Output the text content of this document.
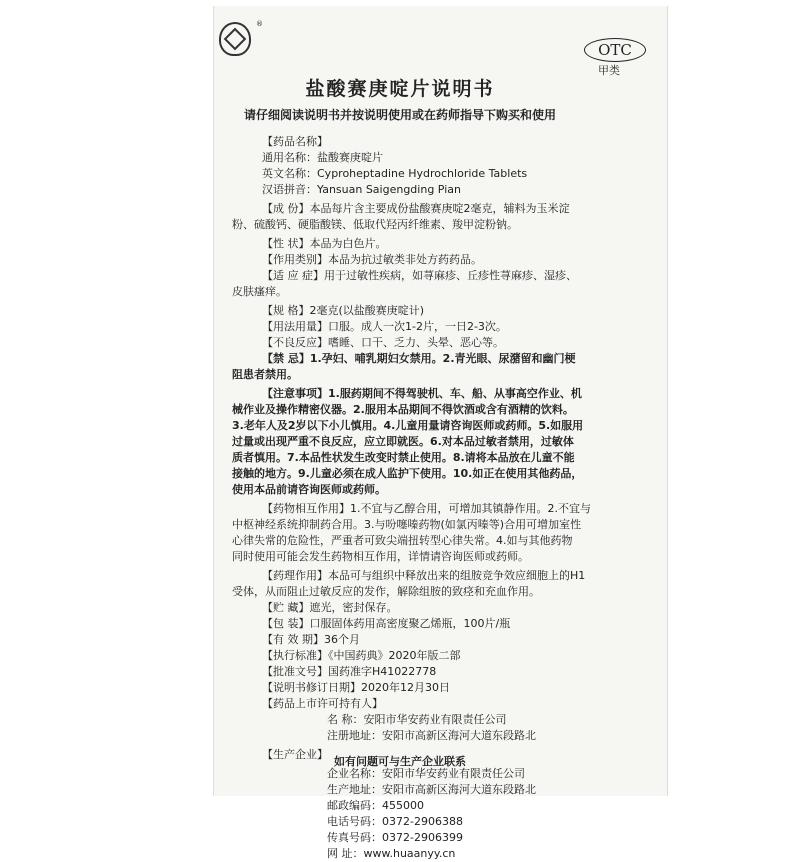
®
OTC
甲类
盐酸赛庚啶片说明书
请仔细阅读说明书并按说明使用或在药师指导下购买和使用
【药品名称】
通用名称：盐酸赛庚啶片
英文名称：Cyproheptadine Hydrochloride Tablets
汉语拼音：Yansuan Saigengding Pian
【成 份】本品每片含主要成份盐酸赛庚啶2毫克，辅料为玉米淀
粉、硫酸钙、硬脂酸镁、低取代羟丙纤维素、羧甲淀粉钠。
【性 状】本品为白色片。
【作用类别】本品为抗过敏类非处方药药品。
【适 应 症】用于过敏性疾病，如荨麻疹、丘疹性荨麻疹、湿疹、
皮肤瘙痒。
【规 格】2毫克(以盐酸赛庚啶计)
【用法用量】口服。成人一次1-2片，一日2-3次。
【不良反应】嗜睡、口干、乏力、头晕、恶心等。
【禁 忌】1.孕妇、哺乳期妇女禁用。2.青光眼、尿潴留和幽门梗
阻患者禁用。
【注意事项】1.服药期间不得驾驶机、车、船、从事高空作业、机
械作业及操作精密仪器。2.服用本品期间不得饮酒或含有酒精的饮料。
3.老年人及2岁以下小儿慎用。4.儿童用量请咨询医师或药师。5.如服用
过量或出现严重不良反应，应立即就医。6.对本品过敏者禁用，过敏体
质者慎用。7.本品性状发生改变时禁止使用。8.请将本品放在儿童不能
接触的地方。9.儿童必须在成人监护下使用。10.如正在使用其他药品，
使用本品前请咨询医师或药师。
【药物相互作用】1.不宜与乙醇合用，可增加其镇静作用。2.不宜与
中枢神经系统抑制药合用。3.与吩噻嗪药物(如氯丙嗪等)合用可增加室性
心律失常的危险性，严重者可致尖端扭转型心律失常。4.如与其他药物
同时使用可能会发生药物相互作用，详情请咨询医师或药师。
【药理作用】本品可与组织中释放出来的组胺竞争效应细胞上的H1
受体，从而阻止过敏反应的发作，解除组胺的致痉和充血作用。
【贮 藏】遮光，密封保存。
【包 装】口服固体药用高密度聚乙烯瓶，100片/瓶
【有 效 期】36个月
【执行标准】《中国药典》2020年版二部
【批准文号】国药准字H41022778
【说明书修订日期】2020年12月30日
【药品上市许可持有人】
名 称：安阳市华安药业有限责任公司
注册地址：安阳市高新区海河大道东段路北
【生产企业】
企业名称：安阳市华安药业有限责任公司
生产地址：安阳市高新区海河大道东段路北
邮政编码：455000
电话号码：0372-2906388
传真号码：0372-2906399
网 址：www.huaanyy.cn
如有问题可与生产企业联系
